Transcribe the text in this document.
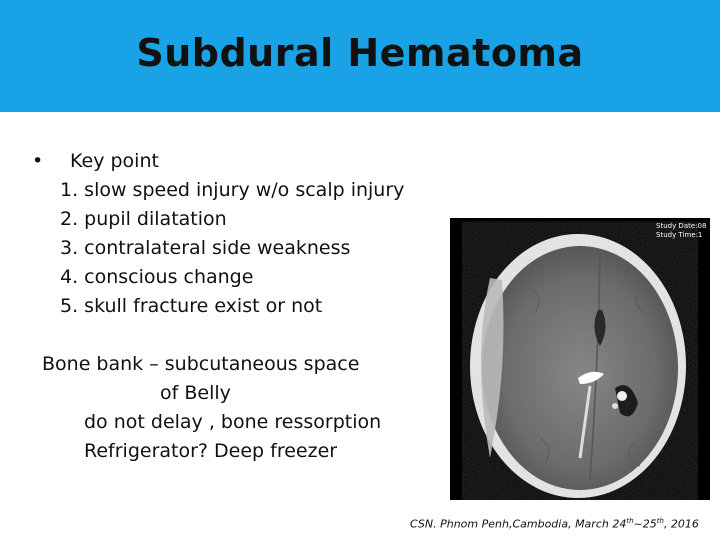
Subdural Hematoma
•	Key point
1. slow speed injury w/o scalp injury
2. pupil dilatation
3. contralateral side weakness
4. conscious change
5. skull fracture exist or not
Bone bank – subcutaneous space
of Belly
do not delay , bone ressorption
Refrigerator? Deep freezer
Study Date:08
Study Time:1
CSN. Phnom Penh,Cambodia, March 24th~25th, 2016
